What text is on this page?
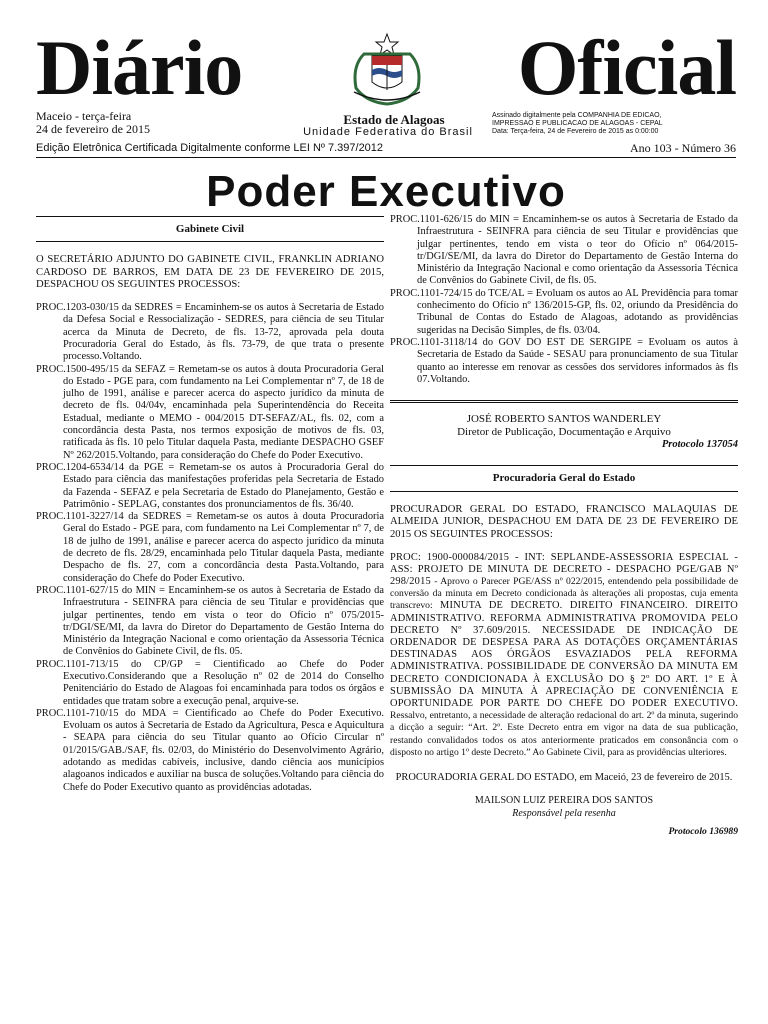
Diário	Oficial
Estado de Alagoas
Unidade Federativa do Brasil
Maceio - terça-feira
24 de fevereiro de 2015
Assinado digitalmente pela COMPANHIA DE EDICAO,
IMPRESSAO E PUBLICACAO DE ALAGOAS - CEPAL
Data: Terça-feira, 24 de Fevereiro de 2015 as 0:00:00
Edição Eletrônica Certificada Digitalmente conforme LEI Nº 7.397/2012	Ano 103 - Número 36
Poder Executivo
Gabinete Civil

O SECRETÁRIO ADJUNTO DO GABINETE CIVIL, FRANKLIN ADRIANO CARDOSO DE BARROS, EM DATA DE 23 DE FEVEREIRO DE 2015, DESPACHOU OS SEGUINTES PROCESSOS:

PROC.1203-030/15 da SEDRES = Encaminhem-se os autos à Secretaria de Estado da Defesa Social e Ressocialização - SEDRES, para ciência de seu Titular acerca da Minuta de Decreto, de fls. 13-72, aprovada pela douta Procuradoria Geral do Estado, às fls. 73-79, de que trata o presente processo.Voltando.

PROC.1500-495/15 da SEFAZ = Remetam-se os autos à douta Procuradoria Geral do Estado - PGE para, com fundamento na Lei Complementar nº 7, de 18 de julho de 1991, análise e parecer acerca do aspecto jurídico da minuta de decreto de fls. 04/04v, encaminhada pela Superintendência do Receita Estadual, mediante o MEMO - 004/2015 DT-SEFAZ/AL, fls. 02, com a concordância desta Pasta, nos termos exposição de motivos de fls. 03, ratificada às fls. 10 pelo Titular daquela Pasta, mediante DESPACHO GSEF Nº 262/2015.Voltando, para consideração do Chefe do Poder Executivo.

PROC.1204-6534/14 da PGE = Remetam-se os autos à Procuradoria Geral do Estado para ciência das manifestações proferidas pela Secretaria de Estado da Fazenda - SEFAZ e pela Secretaria de Estado do Planejamento, Gestão e Patrimônio - SEPLAG, constantes dos pronunciamentos de fls. 36/40.

PROC.1101-3227/14 da SEDRES = Remetam-se os autos à douta Procuradoria Geral do Estado - PGE para, com fundamento na Lei Complementar nº 7, de 18 de julho de 1991, análise e parecer acerca do aspecto jurídico da minuta de decreto de fls. 28/29, encaminhada pelo Titular daquela Pasta, mediante Despacho de fls. 27, com a concordância desta Pasta.Voltando, para consideração do Chefe do Poder Executivo.

PROC.1101-627/15 do MIN = Encaminhem-se os autos à Secretaria de Estado da Infraestrutura - SEINFRA para ciência de seu Titular e providências que julgar pertinentes, tendo em vista o teor do Ofício nº 075/2015-tr/DGI/SE/MI, da lavra do Diretor do Departamento de Gestão Interna do Ministério da Integração Nacional e como orientação da Assessoria Técnica de Convênios do Gabinete Civil, de fls. 05.

PROC.1101-713/15 do CP/GP = Cientificado ao Chefe do Poder Executivo.Considerando que a Resolução nº 02 de 2014 do Conselho Penitenciário do Estado de Alagoas foi encaminhada para todos os órgãos e entidades que tratam sobre a execução penal, arquive-se.

PROC.1101-710/15 do MDA = Cientificado ao Chefe do Poder Executivo. Evoluam os autos à Secretaria de Estado da Agricultura, Pesca e Aquicultura - SEAPA para ciência do seu Titular quanto ao Ofício Circular nº 01/2015/GAB./SAF, fls. 02/03, do Ministério do Desenvolvimento Agrário, adotando as medidas cabíveis, inclusive, dando ciência aos municípios alagoanos indicados e auxiliar na busca de soluções.Voltando para ciência do Chefe do Poder Executivo quanto as providências adotadas.

PROC.1101-626/15 do MIN = Encaminhem-se os autos à Secretaria de Estado da Infraestrutura - SEINFRA para ciência de seu Titular e providências que julgar pertinentes, tendo em vista o teor do Ofício nº 064/2015-tr/DGI/SE/MI, da lavra do Diretor do Departamento de Gestão Interna do Ministério da Integração Nacional e como orientação da Assessoria Técnica de Convênios do Gabinete Civil, de fls. 05.

PROC.1101-724/15 do TCE/AL = Evoluam os autos ao AL Previdência para tomar conhecimento do Ofício nº 136/2015-GP, fls. 02, oriundo da Presidência do Tribunal de Contas do Estado de Alagoas, adotando as providências sugeridas na Decisão Simples, de fls. 03/04.

PROC.1101-3118/14 do GOV DO EST DE SERGIPE = Evoluam os autos à Secretaria de Estado da Saúde - SESAU para pronunciamento de sua Titular quanto ao interesse em renovar as cessões dos servidores informados às fls 07.Voltando.

JOSÉ ROBERTO SANTOS WANDERLEY
Diretor de Publicação, Documentação e Arquivo
Protocolo 137054
Procuradoria Geral do Estado

PROCURADOR GERAL DO ESTADO, FRANCISCO MALAQUIAS DE ALMEIDA JUNIOR, DESPACHOU EM DATA DE 23 DE FEVEREIRO DE 2015 OS SEGUINTES PROCESSOS:

PROC: 1900-000084/2015 - INT: SEPLANDE-ASSESSORIA ESPECIAL - ASS: PROJETO DE MINUTA DE DECRETO - DESPACHO PGE/GAB Nº 298/2015 - Aprovo o Parecer PGE/ASS nº 022/2015, entendendo pela possibilidade de conversão da minuta em Decreto condicionada às alterações ali propostas, cuja ementa transcrevo: MINUTA DE DECRETO. DIREITO FINANCEIRO. DIREITO ADMINISTRATIVO. REFORMA ADMINISTRATIVA PROMOVIDA PELO DECRETO Nº 37.609/2015. NECESSIDADE DE INDICAÇÃO DE ORDENADOR DE DESPESA PARA AS DOTAÇÕES ORÇAMENTÁRIAS DESTINADAS AOS ÓRGÃOS ESVAZIADOS PELA REFORMA ADMINISTRATIVA. POSSIBILIDADE DE CONVERSÃO DA MINUTA EM DECRETO CONDICIONADA À EXCLUSÃO DO § 2º DO ART. 1º E À SUBMISSÃO DA MINUTA À APRECIAÇÃO DE CONVENIÊNCIA E OPORTUNIDADE POR PARTE DO CHEFE DO PODER EXECUTIVO. Ressalvo, entretanto, a necessidade de alteração redacional do art. 2º da minuta, sugerindo a dicção a seguir: “Art. 2º. Este Decreto entra em vigor na data de sua publicação, restando convalidados todos os atos anteriormente praticados em consonância com o disposto no artigo 1º deste Decreto.” Ao Gabinete Civil, para as providências ulteriores.

PROCURADORIA GERAL DO ESTADO, em Maceió, 23 de fevereiro de 2015.

MAILSON LUIZ PEREIRA DOS SANTOS
Responsável pela resenha
Protocolo 136989
